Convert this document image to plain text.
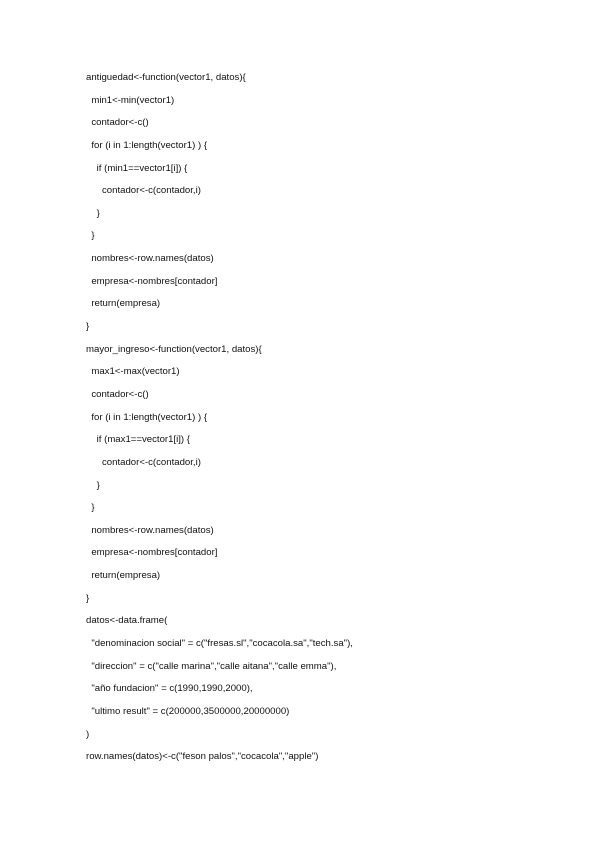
antiguedad<-function(vector1, datos){
min1<-min(vector1)
contador<-c()
for (i in 1:length(vector1) ) {
if (min1==vector1[i]) {
contador<-c(contador,i)
}
}
nombres<-row.names(datos)
empresa<-nombres[contador]
return(empresa)
}
mayor_ingreso<-function(vector1, datos){
max1<-max(vector1)
contador<-c()
for (i in 1:length(vector1) ) {
if (max1==vector1[i]) {
contador<-c(contador,i)
}
}
nombres<-row.names(datos)
empresa<-nombres[contador]
return(empresa)
}
datos<-data.frame(
"denominacion social" = c("fresas.sl","cocacola.sa","tech.sa"),
"direccion" = c("calle marina","calle aitana","calle emma"),
"año fundacion" = c(1990,1990,2000),
"ultimo result" = c(200000,3500000,20000000)
)
row.names(datos)<-c("feson palos","cocacola","apple")
